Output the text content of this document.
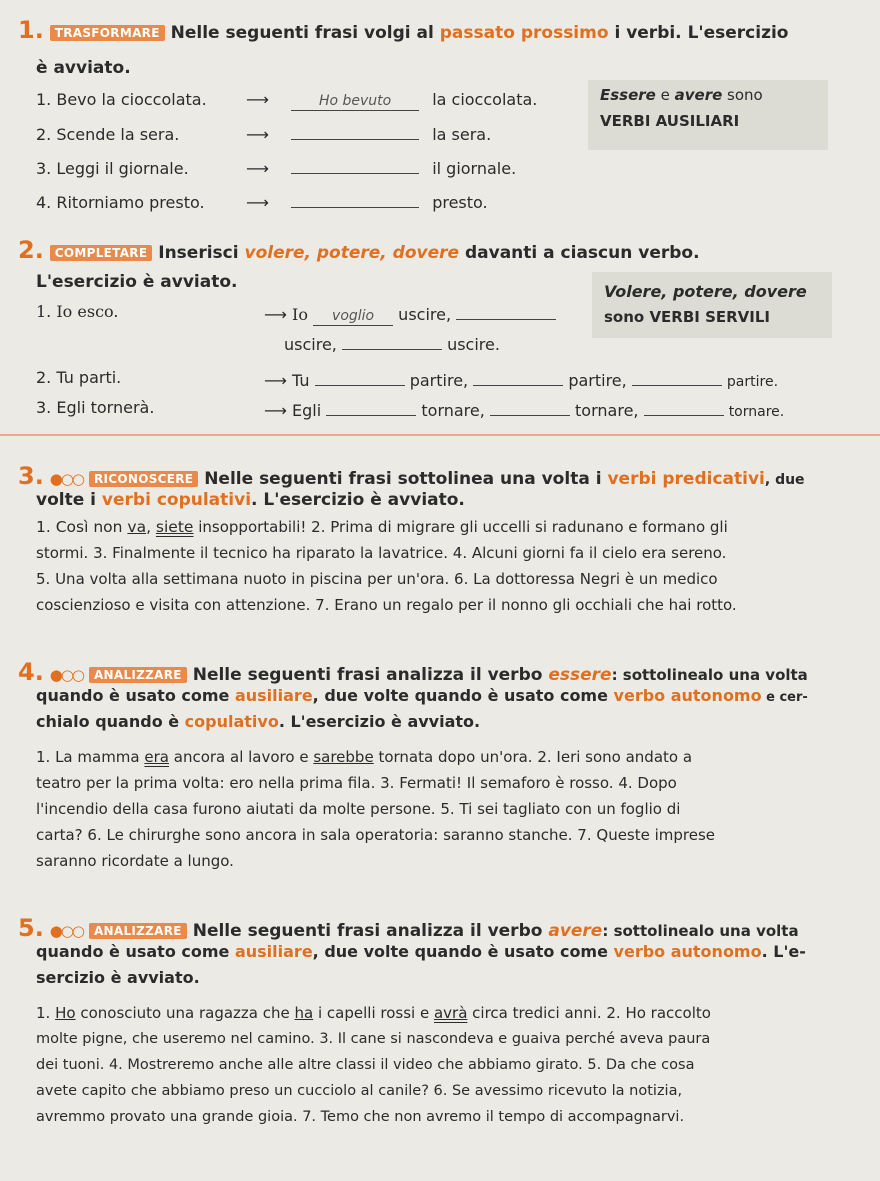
1. TRASFORMARE Nelle seguenti frasi volgi al passato prossimo i verbi. L'esercizio
è avviato.
Essere e avere sono
VERBI AUSILIARI
1. Bevo la cioccolata. ⟶	Ho bevuto	la cioccolata.
2. Scende la sera.	⟶	la sera.
3. Leggi il giornale.	⟶	il giornale.
4. Ritorniamo presto.	⟶	presto.
2. COMPLETARE Inserisci volere, potere, dovere davanti a ciascun verbo.
L'esercizio è avviato.	Volere, potere, dovere
sono VERBI SERVILI
1. Io esco.	⟶ Io voglio uscire,
uscire,	uscire.
2. Tu parti.	⟶ Tu	partire,	partire,	partire.
3. Egli tornerà.	⟶ Egli	tornare,	tornare,	tornare.
3. ●○○ RICONOSCERE Nelle seguenti frasi sottolinea una volta i verbi predicativi, due
volte i verbi copulativi. L'esercizio è avviato.
1. Così non va, siete insopportabili! 2. Prima di migrare gli uccelli si radunano e formano gli
stormi. 3. Finalmente il tecnico ha riparato la lavatrice. 4. Alcuni giorni fa il cielo era sereno.
5. Una volta alla settimana nuoto in piscina per un'ora. 6. La dottoressa Negri è un medico
coscienzioso e visita con attenzione. 7. Erano un regalo per il nonno gli occhiali che hai rotto.
4. ●○○ ANALIZZARE Nelle seguenti frasi analizza il verbo essere: sottolinealo una volta
quando è usato come ausiliare, due volte quando è usato come verbo autonomo e cer-
chialo quando è copulativo. L'esercizio è avviato.
1. La mamma era ancora al lavoro e sarebbe tornata dopo un'ora. 2. Ieri sono andato a
teatro per la prima volta: ero nella prima fila. 3. Fermati! Il semaforo è rosso. 4. Dopo
l'incendio della casa furono aiutati da molte persone. 5. Ti sei tagliato con un foglio di
carta? 6. Le chirurghe sono ancora in sala operatoria: saranno stanche. 7. Queste imprese
saranno ricordate a lungo.
5. ●○○ ANALIZZARE Nelle seguenti frasi analizza il verbo avere: sottolinealo una volta
quando è usato come ausiliare, due volte quando è usato come verbo autonomo. L'e-
sercizio è avviato.
1. Ho conosciuto una ragazza che ha i capelli rossi e avrà circa tredici anni. 2. Ho raccolto
molte pigne, che useremo nel camino. 3. Il cane si nascondeva e guaiva perché aveva paura
dei tuoni. 4. Mostreremo anche alle altre classi il video che abbiamo girato. 5. Da che cosa
avete capito che abbiamo preso un cucciolo al canile? 6. Se avessimo ricevuto la notizia,
avremmo provato una grande gioia. 7. Temo che non avremo il tempo di accompagnarvi.
